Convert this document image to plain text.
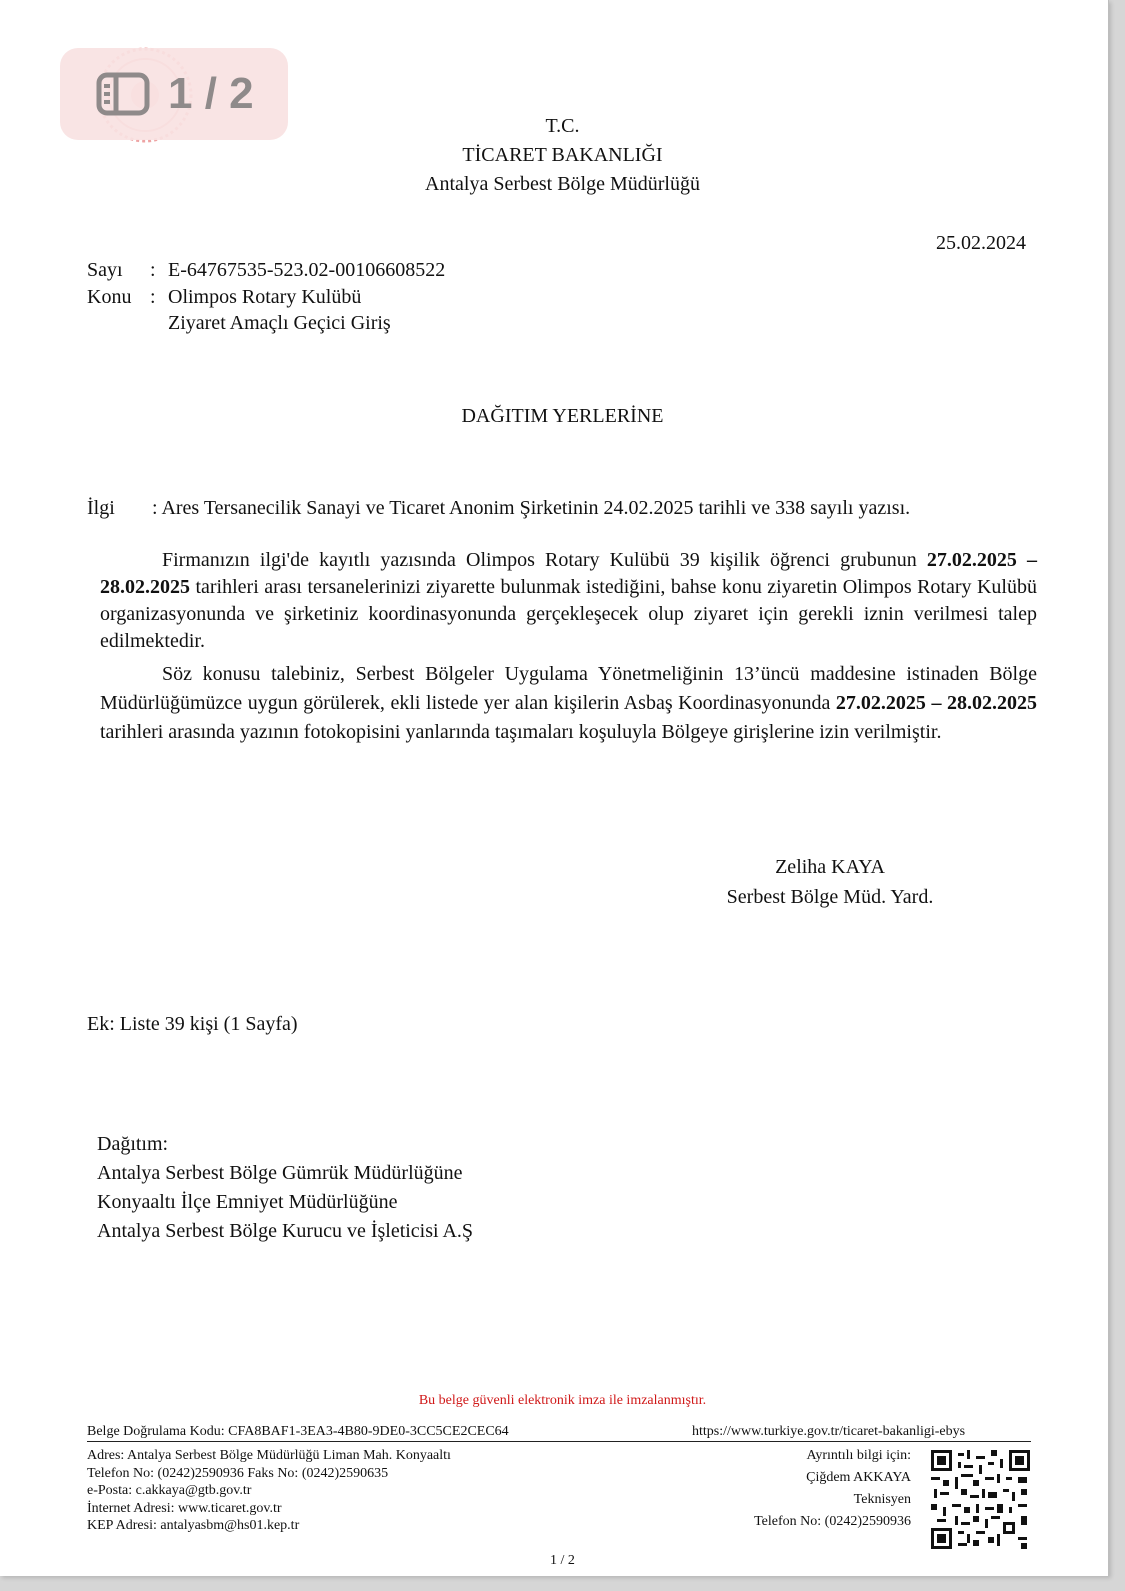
1 / 2
T.C.
TİCARET BAKANLIĞI
Antalya Serbest Bölge Müdürlüğü
25.02.2024
Sayı : E-64767535-523.02-00106608522
Konu : Olimpos Rotary Kulübü
Ziyaret Amaçlı Geçici Giriş
DAĞITIM YERLERİNE
İlgi : Ares Tersanecilik Sanayi ve Ticaret Anonim Şirketinin 24.02.2025 tarihli ve 338 sayılı yazısı.
Firmanızın ilgi'de kayıtlı yazısında Olimpos Rotary Kulübü 39 kişilik öğrenci grubunun 27.02.2025 – 28.02.2025 tarihleri arası tersanelerinizi ziyarette bulunmak istediğini, bahse konu ziyaretin Olimpos Rotary Kulübü organizasyonunda ve şirketiniz koordinasyonunda gerçekleşecek olup ziyaret için gerekli iznin verilmesi talep edilmektedir.
Söz konusu talebiniz, Serbest Bölgeler Uygulama Yönetmeliğinin 13’üncü maddesine istinaden Bölge Müdürlüğümüzce uygun görülerek, ekli listede yer alan kişilerin Asbaş Koordinasyonunda 27.02.2025 – 28.02.2025 tarihleri arasında yazının fotokopisini yanlarında taşımaları koşuluyla Bölgeye girişlerine izin verilmiştir.
Zeliha KAYA
Serbest Bölge Müd. Yard.
Ek: Liste 39 kişi (1 Sayfa)
Dağıtım:
Antalya Serbest Bölge Gümrük Müdürlüğüne
Konyaaltı İlçe Emniyet Müdürlüğüne
Antalya Serbest Bölge Kurucu ve İşleticisi A.Ş
Bu belge güvenli elektronik imza ile imzalanmıştır.
Belge Doğrulama Kodu: CFA8BAF1-3EA3-4B80-9DE0-3CC5CE2CEC64	https://www.turkiye.gov.tr/ticaret-bakanligi-ebys
Adres: Antalya Serbest Bölge Müdürlüğü Liman Mah. Konyaaltı
Telefon No: (0242)2590936 Faks No: (0242)2590635
e-Posta: c.akkaya@gtb.gov.tr
İnternet Adresi: www.ticaret.gov.tr
KEP Adresi: antalyasbm@hs01.kep.tr
Ayrıntılı bilgi için:
Çiğdem AKKAYA
Teknisyen
Telefon No: (0242)2590936
1 / 2
